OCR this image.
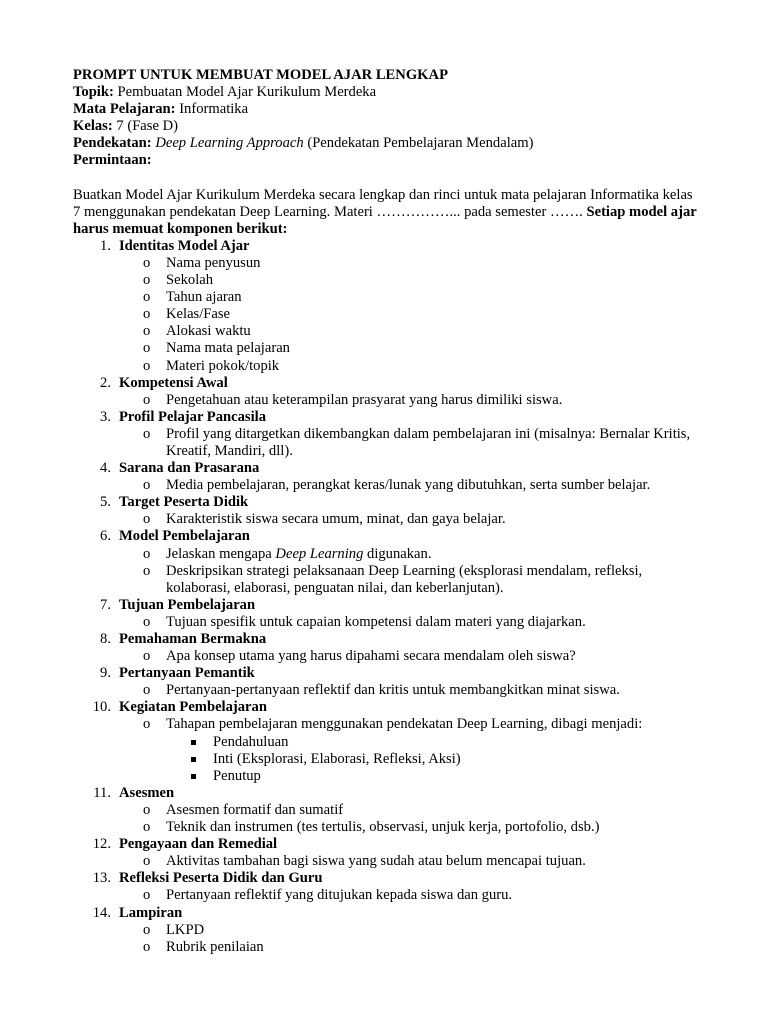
PROMPT UNTUK MEMBUAT MODEL AJAR LENGKAP
Topik: Pembuatan Model Ajar Kurikulum Merdeka
Mata Pelajaran: Informatika
Kelas: 7 (Fase D)
Pendekatan: Deep Learning Approach (Pendekatan Pembelajaran Mendalam)
Permintaan:
Buatkan Model Ajar Kurikulum Merdeka secara lengkap dan rinci untuk mata pelajaran Informatika kelas 7 menggunakan pendekatan Deep Learning. Materi ……………... pada semester ……. Setiap model ajar harus memuat komponen berikut:
1. Identitas Model Ajar
o Nama penyusun
o Sekolah
o Tahun ajaran
o Kelas/Fase
o Alokasi waktu
o Nama mata pelajaran
o Materi pokok/topik
2. Kompetensi Awal
o Pengetahuan atau keterampilan prasyarat yang harus dimiliki siswa.
3. Profil Pelajar Pancasila
o Profil yang ditargetkan dikembangkan dalam pembelajaran ini (misalnya: Bernalar Kritis, Kreatif, Mandiri, dll).
4. Sarana dan Prasarana
o Media pembelajaran, perangkat keras/lunak yang dibutuhkan, serta sumber belajar.
5. Target Peserta Didik
o Karakteristik siswa secara umum, minat, dan gaya belajar.
6. Model Pembelajaran
o Jelaskan mengapa Deep Learning digunakan.
o Deskripsikan strategi pelaksanaan Deep Learning (eksplorasi mendalam, refleksi, kolaborasi, elaborasi, penguatan nilai, dan keberlanjutan).
7. Tujuan Pembelajaran
o Tujuan spesifik untuk capaian kompetensi dalam materi yang diajarkan.
8. Pemahaman Bermakna
o Apa konsep utama yang harus dipahami secara mendalam oleh siswa?
9. Pertanyaan Pemantik
o Pertanyaan-pertanyaan reflektif dan kritis untuk membangkitkan minat siswa.
10. Kegiatan Pembelajaran
o Tahapan pembelajaran menggunakan pendekatan Deep Learning, dibagi menjadi:
Pendahuluan
Inti (Eksplorasi, Elaborasi, Refleksi, Aksi)
Penutup
11. Asesmen
o Asesmen formatif dan sumatif
o Teknik dan instrumen (tes tertulis, observasi, unjuk kerja, portofolio, dsb.)
12. Pengayaan dan Remedial
o Aktivitas tambahan bagi siswa yang sudah atau belum mencapai tujuan.
13. Refleksi Peserta Didik dan Guru
o Pertanyaan reflektif yang ditujukan kepada siswa dan guru.
14. Lampiran
o LKPD
o Rubrik penilaian
